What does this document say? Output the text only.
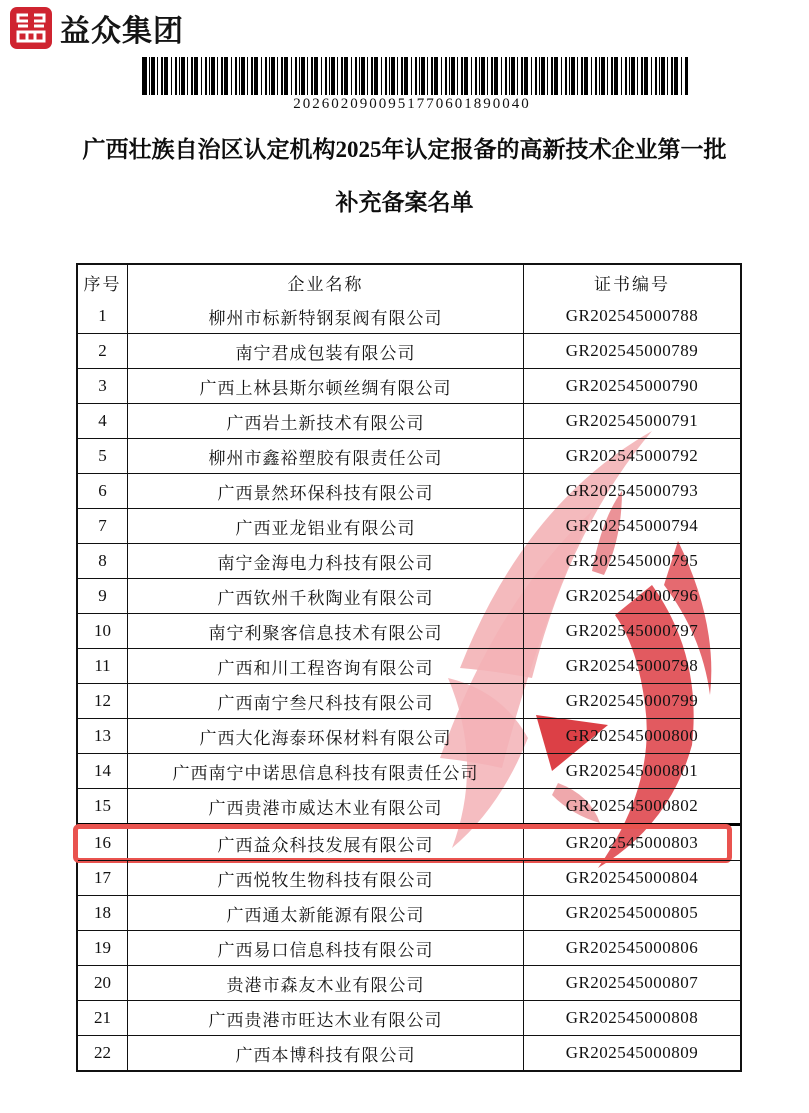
益众集团
2026020900951770601890040
广西壮族自治区认定机构2025年认定报备的高新技术企业第一批
补充备案名单
序号	企业名称	证书编号
1	柳州市标新特钢泵阀有限公司	GR202545000788
2	南宁君成包装有限公司	GR202545000789
3	广西上林县斯尔顿丝绸有限公司	GR202545000790
4	广西岩土新技术有限公司	GR202545000791
5	柳州市鑫裕塑胶有限责任公司	GR202545000792
6	广西景然环保科技有限公司	GR202545000793
7	广西亚龙铝业有限公司	GR202545000794
8	南宁金海电力科技有限公司	GR202545000795
9	广西钦州千秋陶业有限公司	GR202545000796
10	南宁利聚客信息技术有限公司	GR202545000797
11	广西和川工程咨询有限公司	GR202545000798
12	广西南宁叁尺科技有限公司	GR202545000799
13	广西大化海泰环保材料有限公司	GR202545000800
14	广西南宁中诺思信息科技有限责任公司	GR202545000801
15	广西贵港市威达木业有限公司	GR202545000802
16	广西益众科技发展有限公司	GR202545000803
17	广西悦牧生物科技有限公司	GR202545000804
18	广西通太新能源有限公司	GR202545000805
19	广西易口信息科技有限公司	GR202545000806
20	贵港市森友木业有限公司	GR202545000807
21	广西贵港市旺达木业有限公司	GR202545000808
22	广西本博科技有限公司	GR202545000809
